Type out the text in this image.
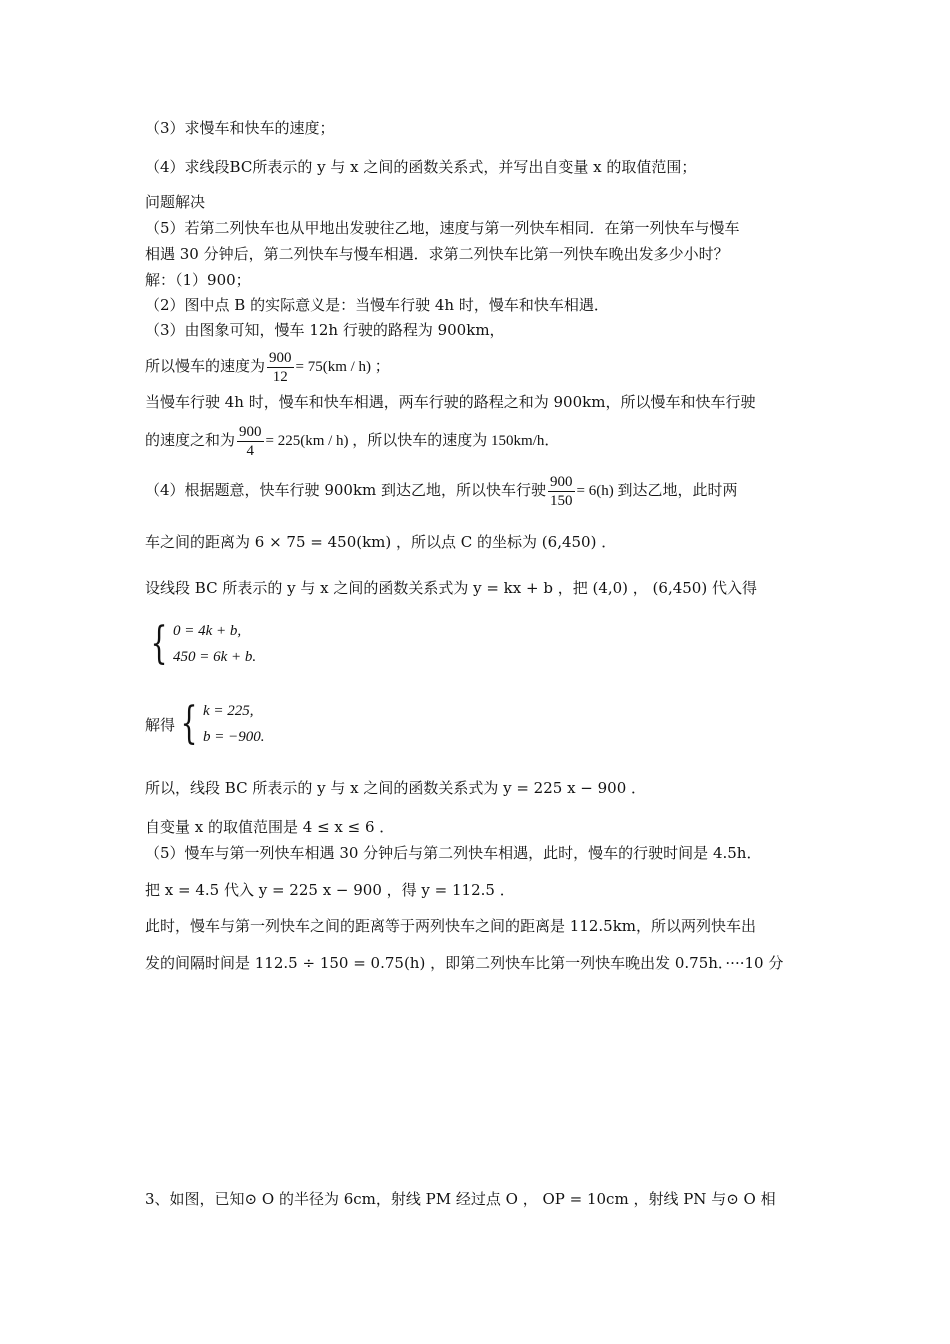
（3）求慢车和快车的速度；
（4）求线段BC所表示的 y 与 x 之间的函数关系式，并写出自变量 x 的取值范围；
问题解决
（5）若第二列快车也从甲地出发驶往乙地，速度与第一列快车相同．在第一列快车与慢车
相遇 30 分钟后，第二列快车与慢车相遇．求第二列快车比第一列快车晚出发多少小时？
解：（1）900；
（2）图中点 B 的实际意义是：当慢车行驶 4h 时，慢车和快车相遇．
（3）由图象可知，慢车 12h 行驶的路程为 900km，
所以慢车的速度为 $\frac{900}{12} = 75(km / h)$ ；
当慢车行驶 4h 时，慢车和快车相遇，两车行驶的路程之和为 900km，所以慢车和快车行驶
的速度之和为 $\frac{900}{4} = 225(km / h)$ ，所以快车的速度为 150km/h．
（4）根据题意，快车行驶 900km 到达乙地，所以快车行驶 $\frac{900}{150} = 6(h)$ 到达乙地，此时两
车之间的距离为 6 × 75 = 450(km) ，所以点 C 的坐标为 (6,450) ．
设线段 BC 所表示的 y 与 x 之间的函数关系式为 y = kx + b ，把 (4,0) ， (6,450) 代入得
{ 0 = 4k + b,
450 = 6k + b.
解得 { k = 225,
b = −900.
所以，线段 BC 所表示的 y 与 x 之间的函数关系式为 y = 225 x − 900 ．
自变量 x 的取值范围是 4 ≤ x ≤ 6 ．
（5）慢车与第一列快车相遇 30 分钟后与第二列快车相遇，此时，慢车的行驶时间是 4.5h．
把 x = 4.5 代入 y = 225 x − 900 ，得 y = 112.5 ．
此时，慢车与第一列快车之间的距离等于两列快车之间的距离是 112.5km，所以两列快车出
发的间隔时间是 112.5 ÷ 150 = 0.75(h) ，即第二列快车比第一列快车晚出发 0.75h．····10 分
3、如图，已知⊙ O 的半径为 6cm，射线 PM 经过点 O ， OP = 10cm ，射线 PN 与⊙ O 相
